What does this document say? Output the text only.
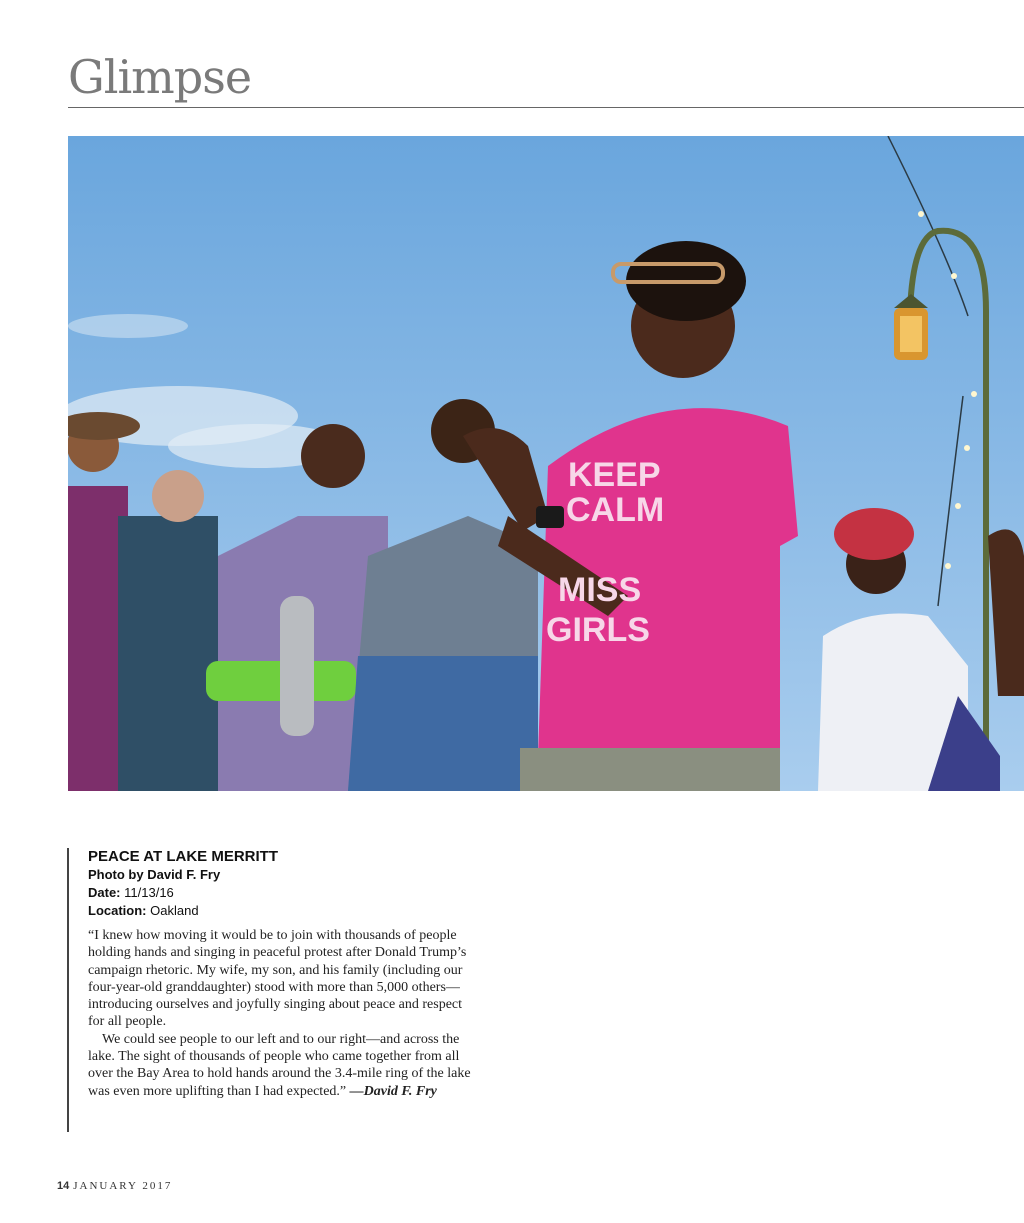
Glimpse
KEEP
CALM
MISS
GIRLS
PEACE AT LAKE MERRITT
Photo by David F. Fry
Date: 11/13/16
Location: Oakland

“I knew how moving it would be to join with thousands of people holding hands and singing in peaceful protest after Donald Trump’s campaign rhetoric. My wife, my son, and his family (including our four-year-old granddaughter) stood with more than 5,000 others—introducing ourselves and joyfully singing about peace and respect for all people.

We could see people to our left and to our right—and across the lake. The sight of thousands of people who came together from all over the Bay Area to hold hands around the 3.4-mile ring of the lake was even more uplifting than I had expected.” —David F. Fry

14 JANUARY 2017
